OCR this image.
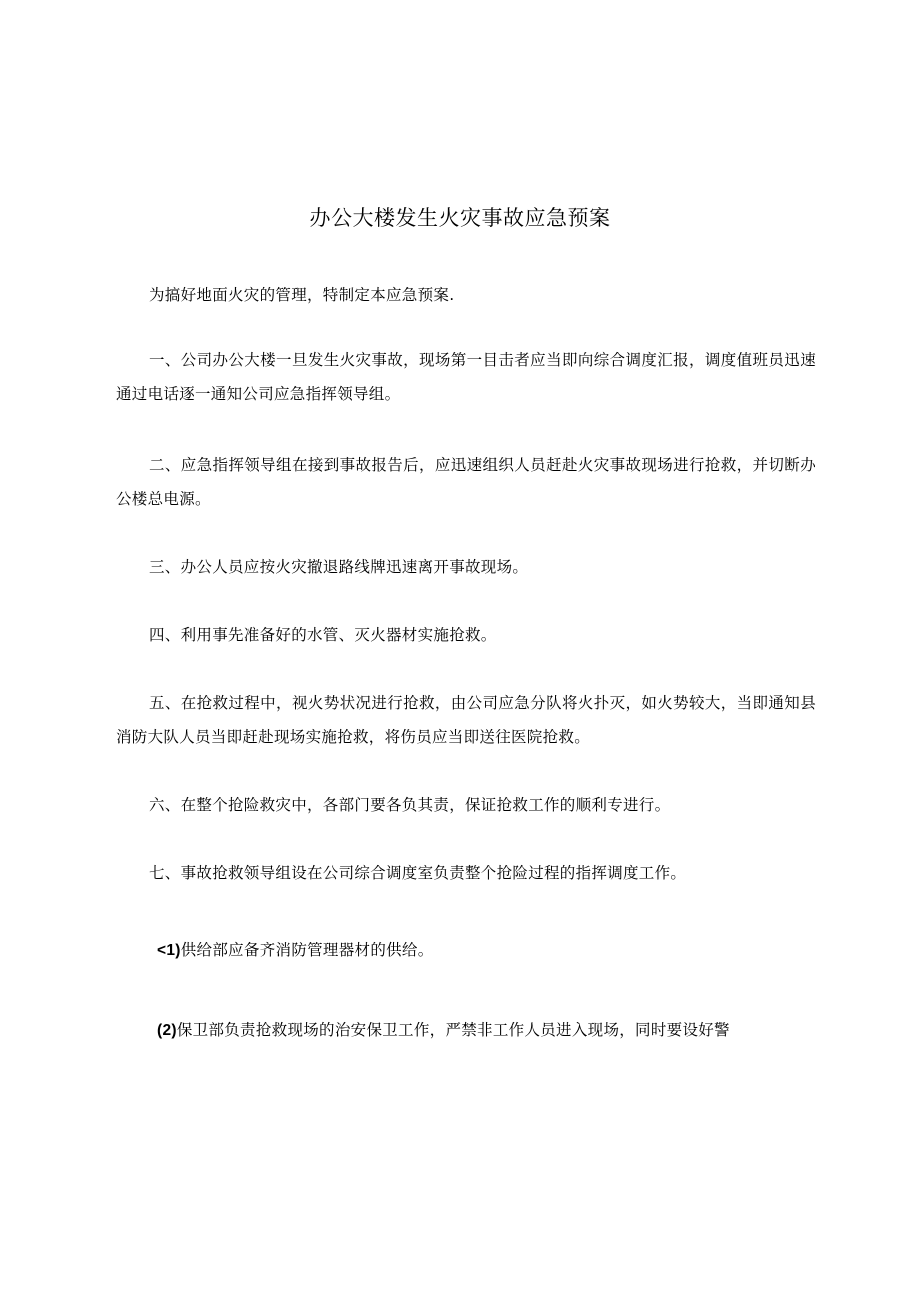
办公大楼发生火灾事故应急预案
为搞好地面火灾的管理，特制定本应急预案.
一、公司办公大楼一旦发生火灾事故，现场第一目击者应当即向综合调度汇报，调度值班员迅速通过电话逐一通知公司应急指挥领导组。
二、应急指挥领导组在接到事故报告后，应迅速组织人员赶赴火灾事故现场进行抢救，并切断办公楼总电源。
三、办公人员应按火灾撤退路线牌迅速离开事故现场。
四、利用事先准备好的水管、灭火器材实施抢救。
五、在抢救过程中，视火势状况进行抢救，由公司应急分队将火扑灭，如火势较大，当即通知县消防大队人员当即赶赴现场实施抢救，将伤员应当即送往医院抢救。
六、在整个抢险救灾中，各部门要各负其责，保证抢救工作的顺利专进行。
七、事故抢救领导组设在公司综合调度室负责整个抢险过程的指挥调度工作。
<1)供给部应备齐消防管理器材的供给。
(2)保卫部负责抢救现场的治安保卫工作，严禁非工作人员进入现场，同时要设好警
